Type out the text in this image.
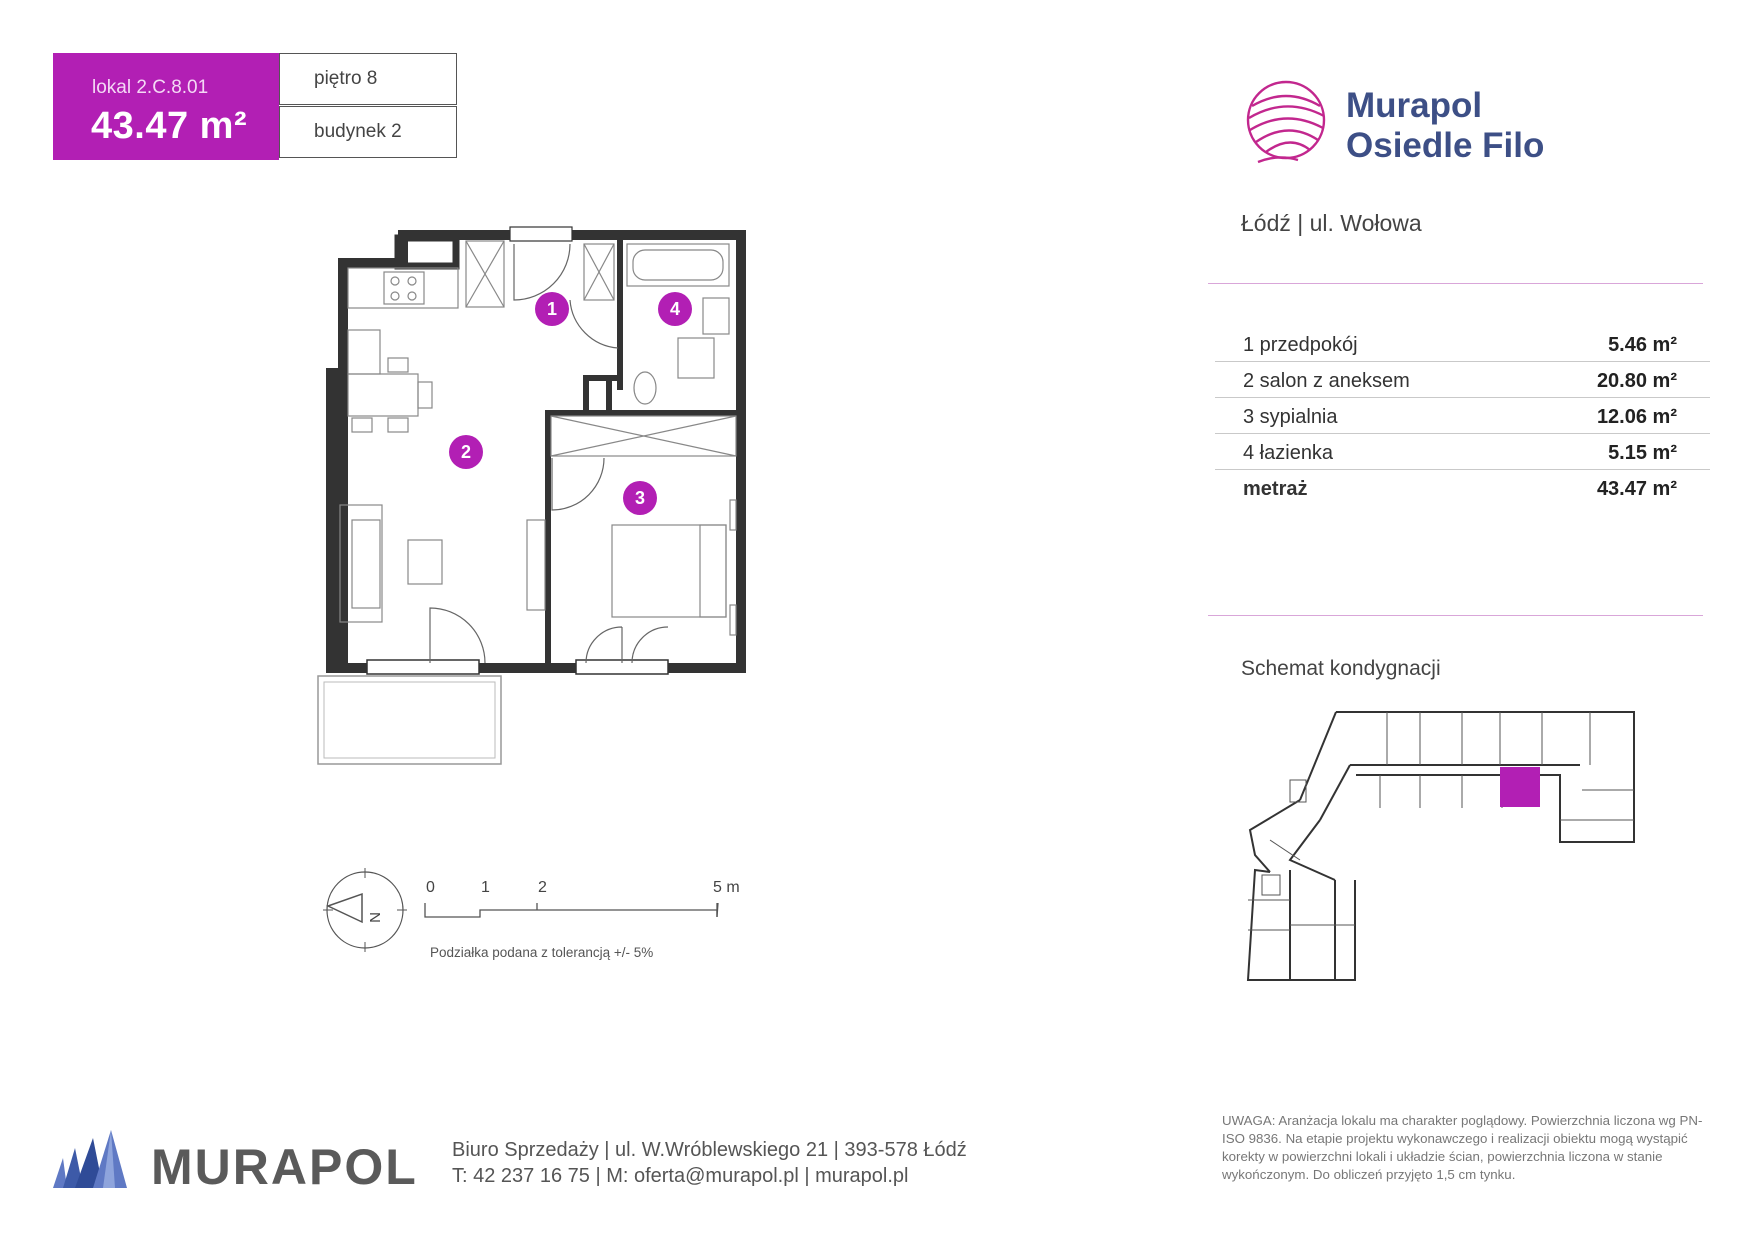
lokal 2.C.8.01
43.47 m²
piętro 8
budynek 2
Murapol
Osiedle Filo
Łódź | ul. Wołowa
1 przedpokój	5.46 m²
2 salon z aneksem	20.80 m²
3 sypialnia	12.06 m²
4 łazienka	5.15 m²
metraż	43.47 m²
1
2
3
4
N
0	1	2	5 m
Podziałka podana z tolerancją +/- 5%
Schemat kondygnacji
MURAPOL Biuro Sprzedaży | ul. W.Wróblewskiego 21 | 393-578 Łódź
T: 42 237 16 75 | M: oferta@murapol.pl | murapol.pl
UWAGA: Aranżacja lokalu ma charakter poglądowy. Powierzchnia liczona wg PN-ISO 9836. Na etapie projektu wykonawczego i realizacji obiektu mogą wystąpić korekty w powierzchni lokali i układzie ścian, powierzchnia liczona w stanie wykończonym. Do obliczeń przyjęto 1,5 cm tynku.
